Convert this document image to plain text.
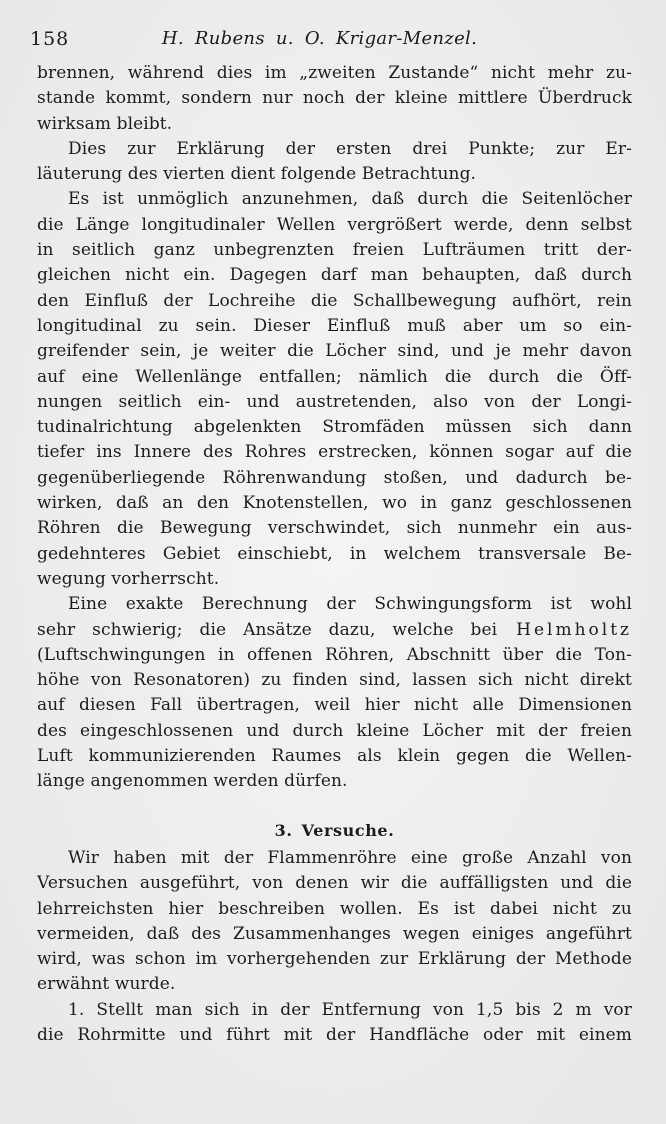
158	H. Rubens u. O. Krigar-Menzel.
brennen, während dies im „zweiten Zustande“ nicht mehr zu-
stande kommt, sondern nur noch der kleine mittlere Überdruck
wirksam bleibt.
Dies zur Erklärung der ersten drei Punkte; zur Er-
läuterung des vierten dient folgende Betrachtung.
Es ist unmöglich anzunehmen, daß durch die Seitenlöcher
die Länge longitudinaler Wellen vergrößert werde, denn selbst
in seitlich ganz unbegrenzten freien Lufträumen tritt der-
gleichen nicht ein. Dagegen darf man behaupten, daß durch
den Einfluß der Lochreihe die Schallbewegung aufhört, rein
longitudinal zu sein. Dieser Einfluß muß aber um so ein-
greifender sein, je weiter die Löcher sind, und je mehr davon
auf eine Wellenlänge entfallen; nämlich die durch die Öff-
nungen seitlich ein- und austretenden, also von der Longi-
tudinalrichtung abgelenkten Stromfäden müssen sich dann
tiefer ins Innere des Rohres erstrecken, können sogar auf die
gegenüberliegende Röhrenwandung stoßen, und dadurch be-
wirken, daß an den Knotenstellen, wo in ganz geschlossenen
Röhren die Bewegung verschwindet, sich nunmehr ein aus-
gedehnteres Gebiet einschiebt, in welchem transversale Be-
wegung vorherrscht.
Eine exakte Berechnung der Schwingungsform ist wohl
sehr schwierig; die Ansätze dazu, welche bei Helmholtz
(Luftschwingungen in offenen Röhren, Abschnitt über die Ton-
höhe von Resonatoren) zu finden sind, lassen sich nicht direkt
auf diesen Fall übertragen, weil hier nicht alle Dimensionen
des eingeschlossenen und durch kleine Löcher mit der freien
Luft kommunizierenden Raumes als klein gegen die Wellen-
länge angenommen werden dürfen.
3. Versuche.
Wir haben mit der Flammenröhre eine große Anzahl von
Versuchen ausgeführt, von denen wir die auffälligsten und die
lehrreichsten hier beschreiben wollen. Es ist dabei nicht zu
vermeiden, daß des Zusammenhanges wegen einiges angeführt
wird, was schon im vorhergehenden zur Erklärung der Methode
erwähnt wurde.
1. Stellt man sich in der Entfernung von 1,5 bis 2 m vor
die Rohrmitte und führt mit der Handfläche oder mit einem
